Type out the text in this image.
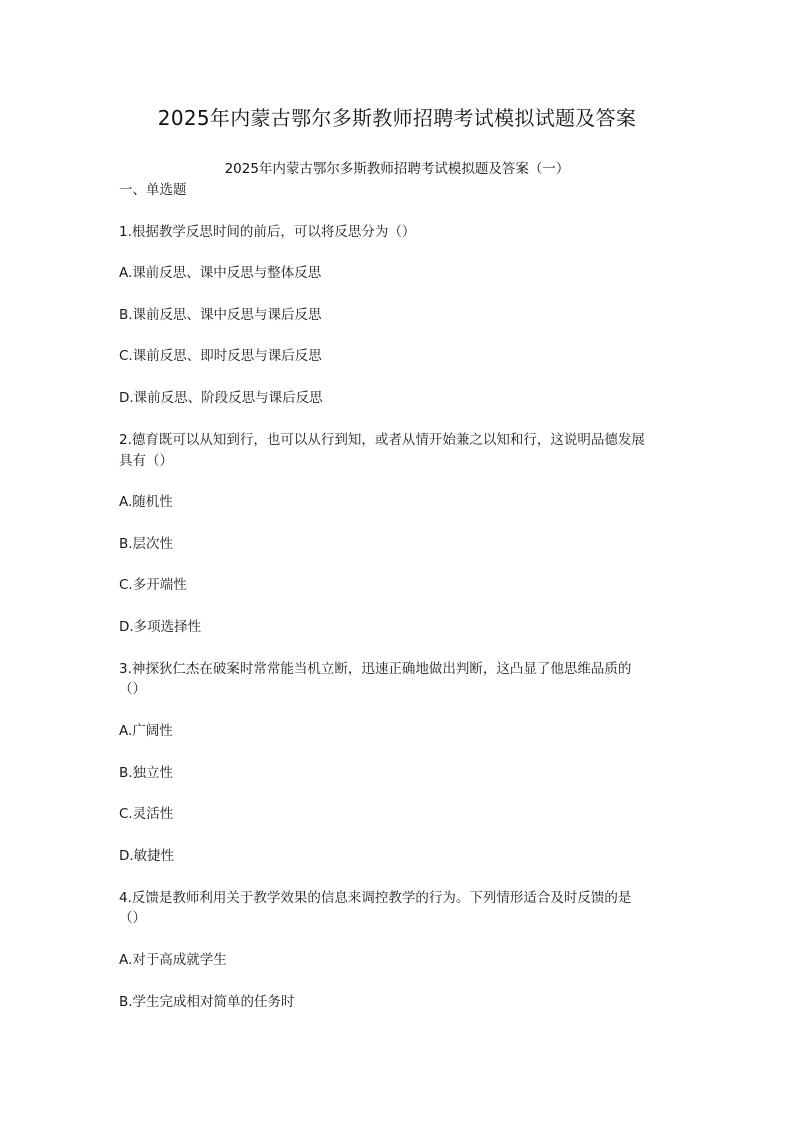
2025年内蒙古鄂尔多斯教师招聘考试模拟试题及答案
2025年内蒙古鄂尔多斯教师招聘考试模拟题及答案（一）
一、单选题
1.根据教学反思时间的前后，可以将反思分为（）
A.课前反思、课中反思与整体反思
B.课前反思、课中反思与课后反思
C.课前反思、即时反思与课后反思
D.课前反思、阶段反思与课后反思
2.德育既可以从知到行，也可以从行到知，或者从情开始兼之以知和行，这说明品德发展
具有（）
A.随机性
B.层次性
C.多开端性
D.多项选择性
3.神探狄仁杰在破案时常常能当机立断，迅速正确地做出判断，这凸显了他思维品质的
（）
A.广阔性
B.独立性
C.灵活性
D.敏捷性
4.反馈是教师利用关于教学效果的信息来调控教学的行为。下列情形适合及时反馈的是
（）
A.对于高成就学生
B.学生完成相对简单的任务时
